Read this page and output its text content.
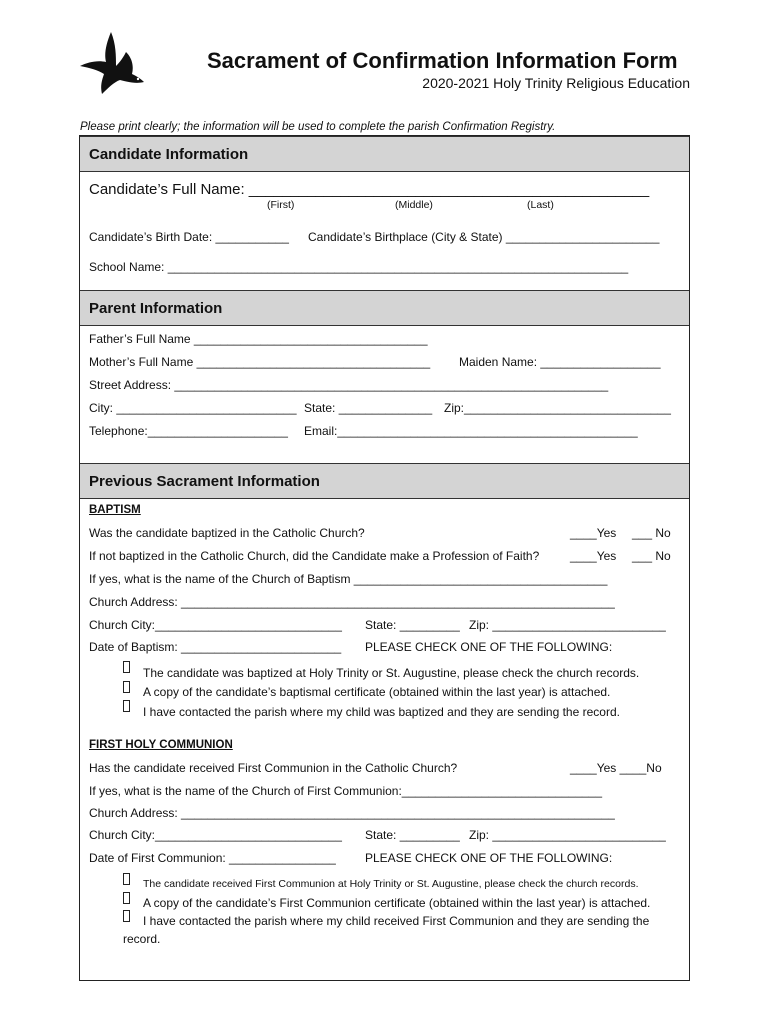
Sacrament of Confirmation Information Form
2020-2021 Holy Trinity Religious Education
Please print clearly; the information will be used to complete the parish Confirmation Registry.
Candidate Information
Candidate’s Full Name: ________________________________________________
(First)	(Middle)	(Last)
Candidate’s Birth Date: ___________ Candidate’s Birthplace (City & State) _______________________
School Name: _____________________________________________________________________
Parent Information
Father’s Full Name ___________________________________
Mother’s Full Name ___________________________________ Maiden Name: __________________
Street Address: _________________________________________________________________
City: ___________________________ State: ______________ Zip:_______________________________
Telephone:_____________________ Email:_____________________________________________
Previous Sacrament Information
BAPTISM
Was the candidate baptized in the Catholic Church?	____Yes ___ No
If not baptized in the Catholic Church, did the Candidate make a Profession of Faith?	____Yes ___ No
If yes, what is the name of the Church of Baptism ______________________________________
Church Address: _________________________________________________________________
Church City:____________________________ State: _________ Zip: __________________________
Date of Baptism: ________________________ PLEASE CHECK ONE OF THE FOLLOWING:
The candidate was baptized at Holy Trinity or St. Augustine, please check the church records.
A copy of the candidate’s baptismal certificate (obtained within the last year) is attached.
I have contacted the parish where my child was baptized and they are sending the record.
FIRST HOLY COMMUNION
Has the candidate received First Communion in the Catholic Church?	____Yes ____No
If yes, what is the name of the Church of First Communion:______________________________
Church Address: _________________________________________________________________
Church City:____________________________ State: _________ Zip: __________________________
Date of First Communion: ________________ PLEASE CHECK ONE OF THE FOLLOWING:
The candidate received First Communion at Holy Trinity or St. Augustine, please check the church records.
A copy of the candidate’s First Communion certificate (obtained within the last year) is attached.
I have contacted the parish where my child received First Communion and they are sending the
record.
